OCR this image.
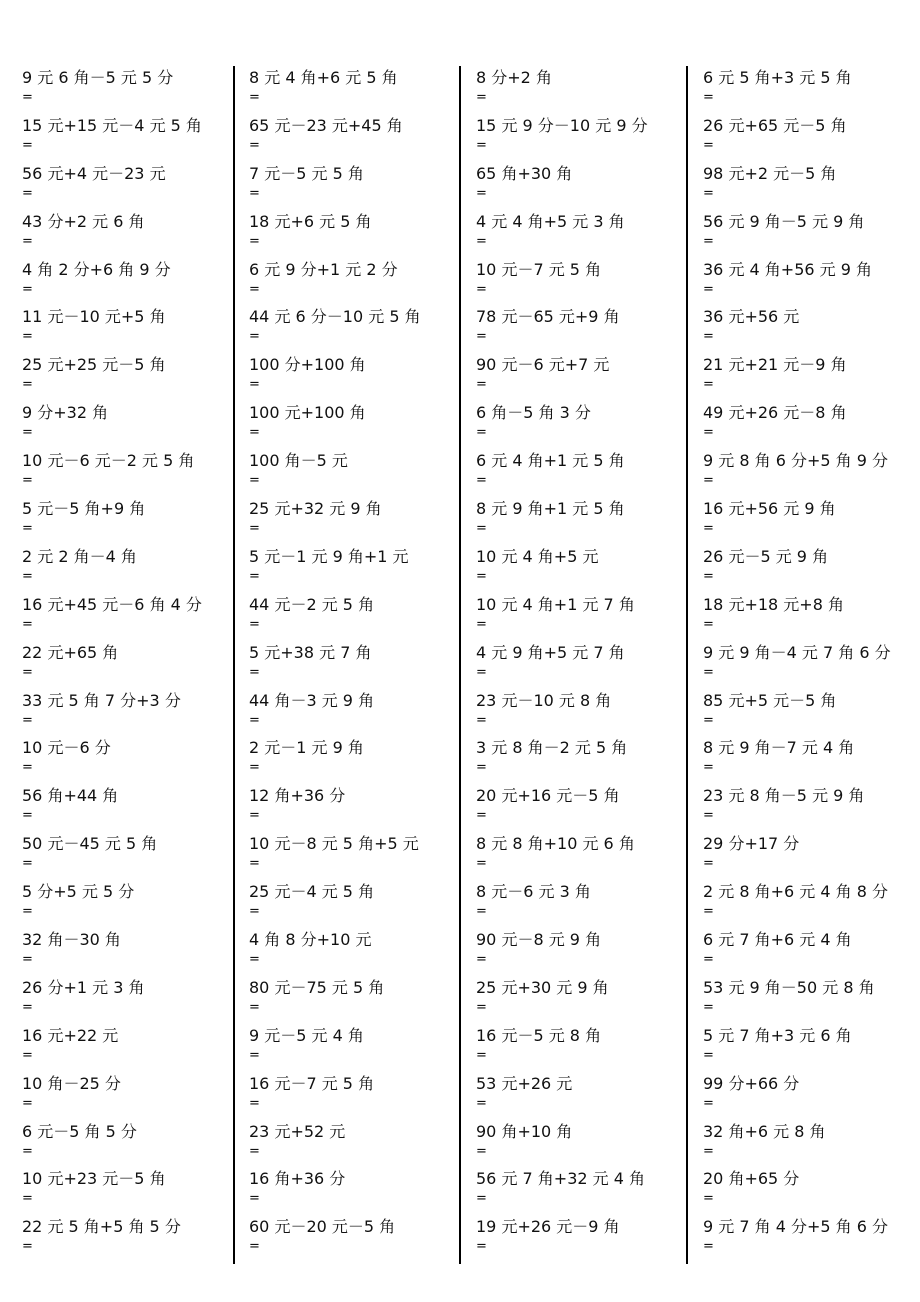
9 元 6 角－5 元 5 分
=
15 元+15 元－4 元 5 角
=
56 元+4 元－23 元
=
43 分+2 元 6 角
=
4 角 2 分+6 角 9 分
=
11 元－10 元+5 角
=
25 元+25 元－5 角
=
9 分+32 角
=
10 元－6 元－2 元 5 角
=
5 元－5 角+9 角
=
2 元 2 角－4 角
=
16 元+45 元－6 角 4 分
=
22 元+65 角
=
33 元 5 角 7 分+3 分
=
10 元－6 分
=
56 角+44 角
=
50 元－45 元 5 角
=
5 分+5 元 5 分
=
32 角－30 角
=
26 分+1 元 3 角
=
16 元+22 元
=
10 角－25 分
=
6 元－5 角 5 分
=
10 元+23 元－5 角
=
22 元 5 角+5 角 5 分
=
8 元 4 角+6 元 5 角
=
65 元－23 元+45 角
=
7 元－5 元 5 角
=
18 元+6 元 5 角
=
6 元 9 分+1 元 2 分
=
44 元 6 分－10 元 5 角
=
100 分+100 角
=
100 元+100 角
=
100 角－5 元
=
25 元+32 元 9 角
=
5 元－1 元 9 角+1 元
=
44 元－2 元 5 角
=
5 元+38 元 7 角
=
44 角－3 元 9 角
=
2 元－1 元 9 角
=
12 角+36 分
=
10 元－8 元 5 角+5 元
=
25 元－4 元 5 角
=
4 角 8 分+10 元
=
80 元－75 元 5 角
=
9 元－5 元 4 角
=
16 元－7 元 5 角
=
23 元+52 元
=
16 角+36 分
=
60 元－20 元－5 角
=
8 分+2 角
=
15 元 9 分－10 元 9 分
=
65 角+30 角
=
4 元 4 角+5 元 3 角
=
10 元－7 元 5 角
=
78 元－65 元+9 角
=
90 元－6 元+7 元
=
6 角－5 角 3 分
=
6 元 4 角+1 元 5 角
=
8 元 9 角+1 元 5 角
=
10 元 4 角+5 元
=
10 元 4 角+1 元 7 角
=
4 元 9 角+5 元 7 角
=
23 元－10 元 8 角
=
3 元 8 角－2 元 5 角
=
20 元+16 元－5 角
=
8 元 8 角+10 元 6 角
=
8 元－6 元 3 角
=
90 元－8 元 9 角
=
25 元+30 元 9 角
=
16 元－5 元 8 角
=
53 元+26 元
=
90 角+10 角
=
56 元 7 角+32 元 4 角
=
19 元+26 元－9 角
=
6 元 5 角+3 元 5 角
=
26 元+65 元－5 角
=
98 元+2 元－5 角
=
56 元 9 角－5 元 9 角
=
36 元 4 角+56 元 9 角
=
36 元+56 元
=
21 元+21 元－9 角
=
49 元+26 元－8 角
=
9 元 8 角 6 分+5 角 9 分
=
16 元+56 元 9 角
=
26 元－5 元 9 角
=
18 元+18 元+8 角
=
9 元 9 角－4 元 7 角 6 分
=
85 元+5 元－5 角
=
8 元 9 角－7 元 4 角
=
23 元 8 角－5 元 9 角
=
29 分+17 分
=
2 元 8 角+6 元 4 角 8 分
=
6 元 7 角+6 元 4 角
=
53 元 9 角－50 元 8 角
=
5 元 7 角+3 元 6 角
=
99 分+66 分
=
32 角+6 元 8 角
=
20 角+65 分
=
9 元 7 角 4 分+5 角 6 分
=
